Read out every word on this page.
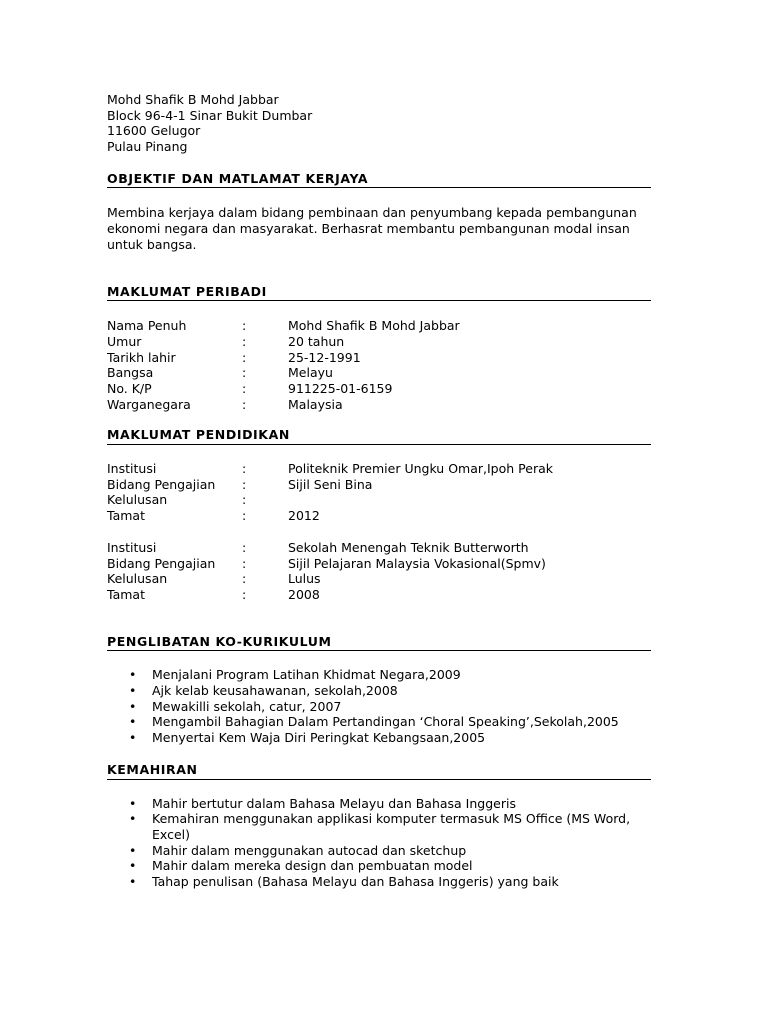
Mohd Shafik B Mohd Jabbar
Block 96-4-1 Sinar Bukit Dumbar
11600 Gelugor
Pulau Pinang
OBJEKTIF DAN MATLAMAT KERJAYA
Membina kerjaya dalam bidang pembinaan dan penyumbang kepada pembangunan
ekonomi negara dan masyarakat. Berhasrat membantu pembangunan modal insan
untuk bangsa.
MAKLUMAT PERIBADI
Nama Penuh	:	Mohd Shafik B Mohd Jabbar
Umur	:	20 tahun
Tarikh lahir	:	25-12-1991
Bangsa	:	Melayu
No. K/P	:	911225-01-6159
Warganegara	:	Malaysia
MAKLUMAT PENDIDIKAN
Institusi	:	Politeknik Premier Ungku Omar,Ipoh Perak
Bidang Pengajian	:	Sijil Seni Bina
Kelulusan	:
Tamat	:	2012
Institusi	:	Sekolah Menengah Teknik Butterworth
Bidang Pengajian	:	Sijil Pelajaran Malaysia Vokasional(Spmv)
Kelulusan	:	Lulus
Tamat	:	2008
PENGLIBATAN KO-KURIKULUM
• Menjalani Program Latihan Khidmat Negara,2009
• Ajk kelab keusahawanan, sekolah,2008
• Mewakilli sekolah, catur, 2007
• Mengambil Bahagian Dalam Pertandingan ‘Choral Speaking’,Sekolah,2005
• Menyertai Kem Waja Diri Peringkat Kebangsaan,2005
KEMAHIRAN
• Mahir bertutur dalam Bahasa Melayu dan Bahasa Inggeris
• Kemahiran menggunakan applikasi komputer termasuk MS Office (MS Word, Excel)
• Mahir dalam menggunakan autocad dan sketchup
• Mahir dalam mereka design dan pembuatan model
• Tahap penulisan (Bahasa Melayu dan Bahasa Inggeris) yang baik
